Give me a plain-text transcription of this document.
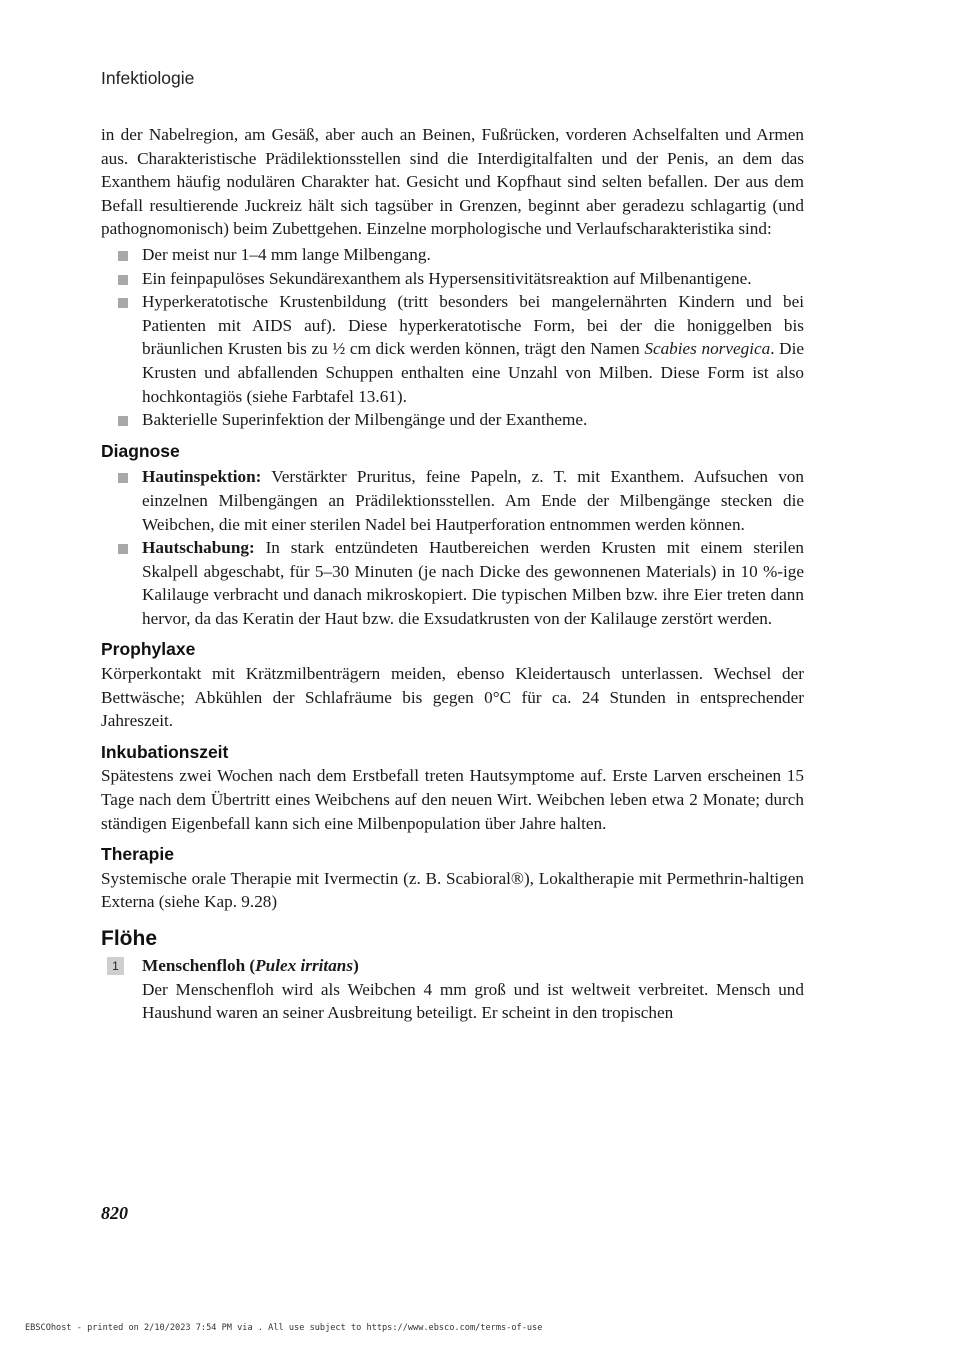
Infektiologie

in der Nabelregion, am Gesäß, aber auch an Beinen, Fußrücken, vorderen Achselfalten und Armen aus. Charakteristische Prädilektionsstellen sind die Interdigitalfalten und der Penis, an dem das Exanthem häufig nodulären Charakter hat. Gesicht und Kopfhaut sind selten befallen. Der aus dem Befall resultierende Juckreiz hält sich tagsüber in Grenzen, beginnt aber geradezu schlagartig (und pathognomonisch) beim Zubettgehen. Einzelne morphologische und Verlaufscharakteristika sind:

Der meist nur 1–4 mm lange Milbengang.
Ein feinpapulöses Sekundärexanthem als Hypersensitivitätsreaktion auf Milbenantigene.
Hyperkeratotische Krustenbildung (tritt besonders bei mangelernährten Kindern und bei Patienten mit AIDS auf). Diese hyperkeratotische Form, bei der die honiggelben bis bräunlichen Krusten bis zu ½ cm dick werden können, trägt den Namen Scabies norvegica. Die Krusten und abfallenden Schuppen enthalten eine Unzahl von Milben. Diese Form ist also hochkontagiös (siehe Farbtafel 13.61).
Bakterielle Superinfektion der Milbengänge und der Exantheme.
Diagnose
Hautinspektion: Verstärkter Pruritus, feine Papeln, z. T. mit Exanthem. Aufsuchen von einzelnen Milbengängen an Prädilektionsstellen. Am Ende der Milbengänge stecken die Weibchen, die mit einer sterilen Nadel bei Hautperforation entnommen werden können.
Hautschabung: In stark entzündeten Hautbereichen werden Krusten mit einem sterilen Skalpell abgeschabt, für 5–30 Minuten (je nach Dicke des gewonnenen Materials) in 10 %-ige Kalilauge verbracht und danach mikroskopiert. Die typischen Milben bzw. ihre Eier treten dann hervor, da das Keratin der Haut bzw. die Exsudatkrusten von der Kalilauge zerstört werden.
Prophylaxe

Körperkontakt mit Krätzmilbenträgern meiden, ebenso Kleidertausch unterlassen. Wechsel der Bettwäsche; Abkühlen der Schlafräume bis gegen 0°C für ca. 24 Stunden in entsprechender Jahreszeit.

Inkubationszeit

Spätestens zwei Wochen nach dem Erstbefall treten Hautsymptome auf. Erste Larven erscheinen 15 Tage nach dem Übertritt eines Weibchens auf den neuen Wirt. Weibchen leben etwa 2 Monate; durch ständigen Eigenbefall kann sich eine Milbenpopulation über Jahre halten.

Therapie

Systemische orale Therapie mit Ivermectin (z. B. Scabioral®), Lokaltherapie mit Permethrin-haltigen Externa (siehe Kap. 9.28)

Flöhe
1 Menschenfloh (Pulex irritans)
Der Menschenfloh wird als Weibchen 4 mm groß und ist weltweit verbreitet. Mensch und Haushund waren an seiner Ausbreitung beteiligt. Er scheint in den tropischen
820
EBSCOhost - printed on 2/10/2023 7:54 PM via . All use subject to https://www.ebsco.com/terms-of-use
